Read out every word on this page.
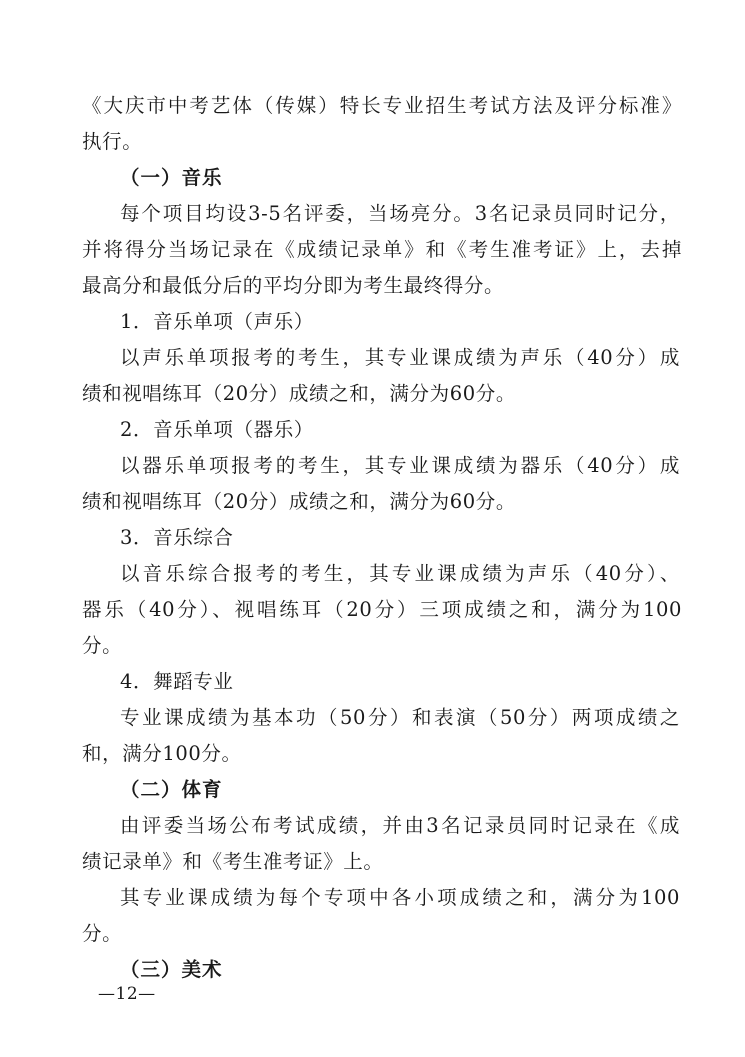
《大庆市中考艺体（传媒）特长专业招生考试方法及评分标准》
执行。
（一）音乐
每个项目均设3-5名评委，当场亮分。3名记录员同时记分，
并将得分当场记录在《成绩记录单》和《考生准考证》上，去掉
最高分和最低分后的平均分即为考生最终得分。
1．音乐单项（声乐）
以声乐单项报考的考生，其专业课成绩为声乐（40分）成
绩和视唱练耳（20分）成绩之和，满分为60分。
2．音乐单项（器乐）
以器乐单项报考的考生，其专业课成绩为器乐（40分）成
绩和视唱练耳（20分）成绩之和，满分为60分。
3．音乐综合
以音乐综合报考的考生，其专业课成绩为声乐（40分）、
器乐（40分）、视唱练耳（20分）三项成绩之和，满分为100
分。
4．舞蹈专业
专业课成绩为基本功（50分）和表演（50分）两项成绩之
和，满分100分。
（二）体育
由评委当场公布考试成绩，并由3名记录员同时记录在《成
绩记录单》和《考生准考证》上。
其专业课成绩为每个专项中各小项成绩之和，满分为100
分。
（三）美术
—12—
